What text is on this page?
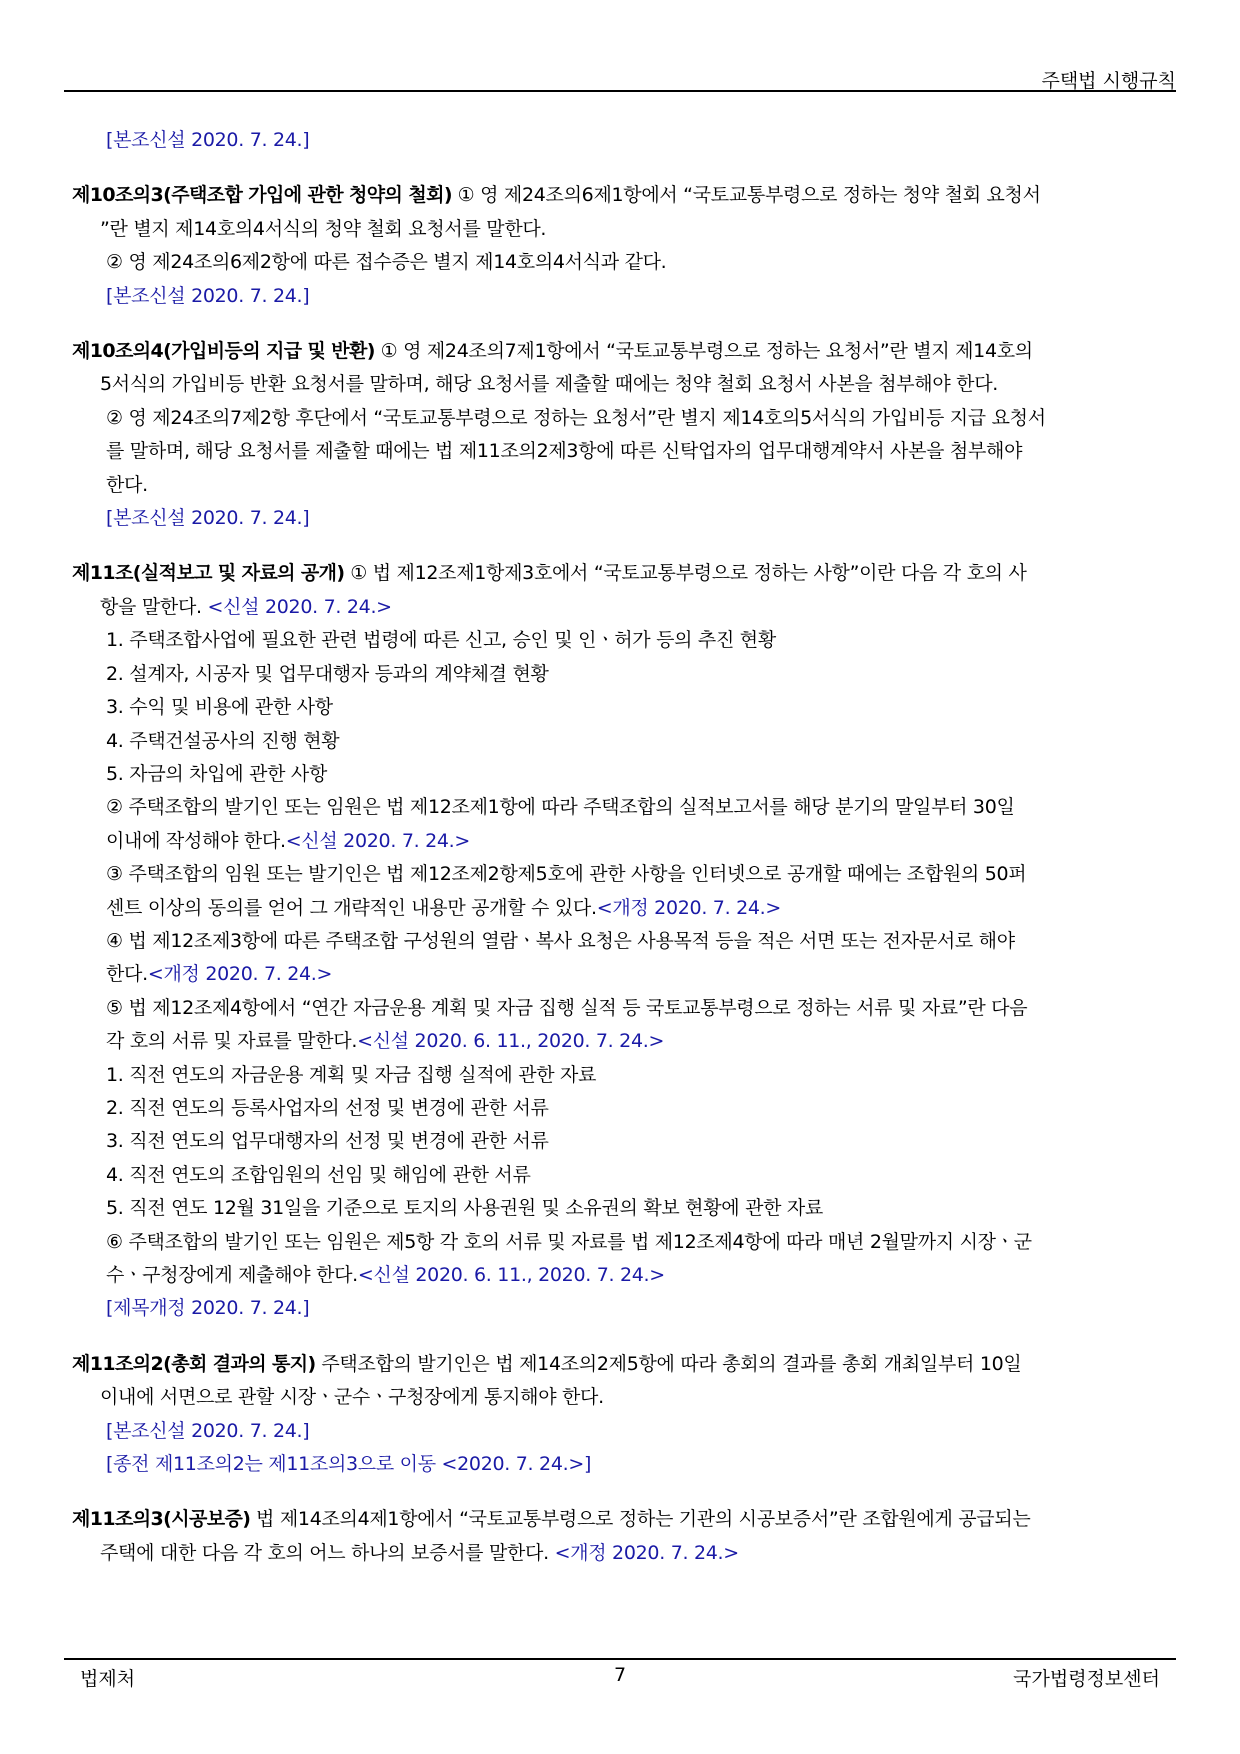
주택법 시행규칙
[본조신설 2020. 7. 24.]
제10조의3(주택조합 가입에 관한 청약의 철회) ① 영 제24조의6제1항에서 “국토교통부령으로 정하는 청약 철회 요청서
”란 별지 제14호의4서식의 청약 철회 요청서를 말한다.
② 영 제24조의6제2항에 따른 접수증은 별지 제14호의4서식과 같다.
[본조신설 2020. 7. 24.]
제10조의4(가입비등의 지급 및 반환) ① 영 제24조의7제1항에서 “국토교통부령으로 정하는 요청서”란 별지 제14호의
5서식의 가입비등 반환 요청서를 말하며, 해당 요청서를 제출할 때에는 청약 철회 요청서 사본을 첨부해야 한다.
② 영 제24조의7제2항 후단에서 “국토교통부령으로 정하는 요청서”란 별지 제14호의5서식의 가입비등 지급 요청서
를 말하며, 해당 요청서를 제출할 때에는 법 제11조의2제3항에 따른 신탁업자의 업무대행계약서 사본을 첨부해야
한다.
[본조신설 2020. 7. 24.]
제11조(실적보고 및 자료의 공개) ① 법 제12조제1항제3호에서 “국토교통부령으로 정하는 사항”이란 다음 각 호의 사
항을 말한다. <신설 2020. 7. 24.>
1. 주택조합사업에 필요한 관련 법령에 따른 신고, 승인 및 인ㆍ허가 등의 추진 현황
2. 설계자, 시공자 및 업무대행자 등과의 계약체결 현황
3. 수익 및 비용에 관한 사항
4. 주택건설공사의 진행 현황
5. 자금의 차입에 관한 사항
② 주택조합의 발기인 또는 임원은 법 제12조제1항에 따라 주택조합의 실적보고서를 해당 분기의 말일부터 30일
이내에 작성해야 한다.<신설 2020. 7. 24.>
③ 주택조합의 임원 또는 발기인은 법 제12조제2항제5호에 관한 사항을 인터넷으로 공개할 때에는 조합원의 50퍼
센트 이상의 동의를 얻어 그 개략적인 내용만 공개할 수 있다.<개정 2020. 7. 24.>
④ 법 제12조제3항에 따른 주택조합 구성원의 열람ㆍ복사 요청은 사용목적 등을 적은 서면 또는 전자문서로 해야
한다.<개정 2020. 7. 24.>
⑤ 법 제12조제4항에서 “연간 자금운용 계획 및 자금 집행 실적 등 국토교통부령으로 정하는 서류 및 자료”란 다음
각 호의 서류 및 자료를 말한다.<신설 2020. 6. 11., 2020. 7. 24.>
1. 직전 연도의 자금운용 계획 및 자금 집행 실적에 관한 자료
2. 직전 연도의 등록사업자의 선정 및 변경에 관한 서류
3. 직전 연도의 업무대행자의 선정 및 변경에 관한 서류
4. 직전 연도의 조합임원의 선임 및 해임에 관한 서류
5. 직전 연도 12월 31일을 기준으로 토지의 사용권원 및 소유권의 확보 현황에 관한 자료
⑥ 주택조합의 발기인 또는 임원은 제5항 각 호의 서류 및 자료를 법 제12조제4항에 따라 매년 2월말까지 시장ㆍ군
수ㆍ구청장에게 제출해야 한다.<신설 2020. 6. 11., 2020. 7. 24.>
[제목개정 2020. 7. 24.]
제11조의2(총회 결과의 통지) 주택조합의 발기인은 법 제14조의2제5항에 따라 총회의 결과를 총회 개최일부터 10일
이내에 서면으로 관할 시장ㆍ군수ㆍ구청장에게 통지해야 한다.
[본조신설 2020. 7. 24.]
[종전 제11조의2는 제11조의3으로 이동 <2020. 7. 24.>]
제11조의3(시공보증) 법 제14조의4제1항에서 “국토교통부령으로 정하는 기관의 시공보증서”란 조합원에게 공급되는
주택에 대한 다음 각 호의 어느 하나의 보증서를 말한다. <개정 2020. 7. 24.>
법제처	7	국가법령정보센터
